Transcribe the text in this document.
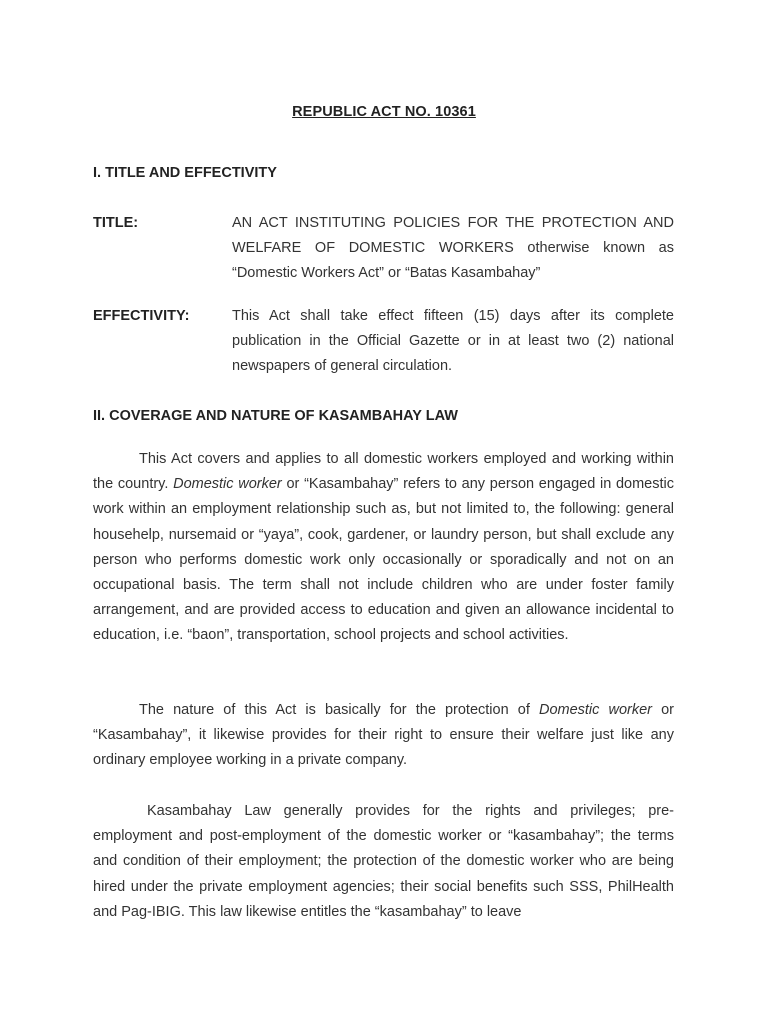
REPUBLIC ACT NO. 10361
I. TITLE AND EFFECTIVITY
TITLE:	AN ACT INSTITUTING POLICIES FOR THE PROTECTION AND WELFARE OF DOMESTIC WORKERS otherwise known as “Domestic Workers Act” or “Batas Kasambahay”
EFFECTIVITY:	This Act shall take effect fifteen (15) days after its complete publication in the Official Gazette or in at least two (2) national newspapers of general circulation.
II. COVERAGE AND NATURE OF KASAMBAHAY LAW
This Act covers and applies to all domestic workers employed and working within the country. Domestic worker or “Kasambahay” refers to any person engaged in domestic work within an employment relationship such as, but not limited to, the following: general househelp, nursemaid or “yaya”, cook, gardener, or laundry person, but shall exclude any person who performs domestic work only occasionally or sporadically and not on an occupational basis. The term shall not include children who are under foster family arrangement, and are provided access to education and given an allowance incidental to education, i.e. “baon”, transportation, school projects and school activities.
The nature of this Act is basically for the protection of Domestic worker or “Kasambahay”, it likewise provides for their right to ensure their welfare just like any ordinary employee working in a private company.
Kasambahay Law generally provides for the rights and privileges; pre-employment and post-employment of the domestic worker or “kasambahay”; the terms and condition of their employment; the protection of the domestic worker who are being hired under the private employment agencies; their social benefits such SSS, PhilHealth and Pag-IBIG. This law likewise entitles the “kasambahay” to leave
